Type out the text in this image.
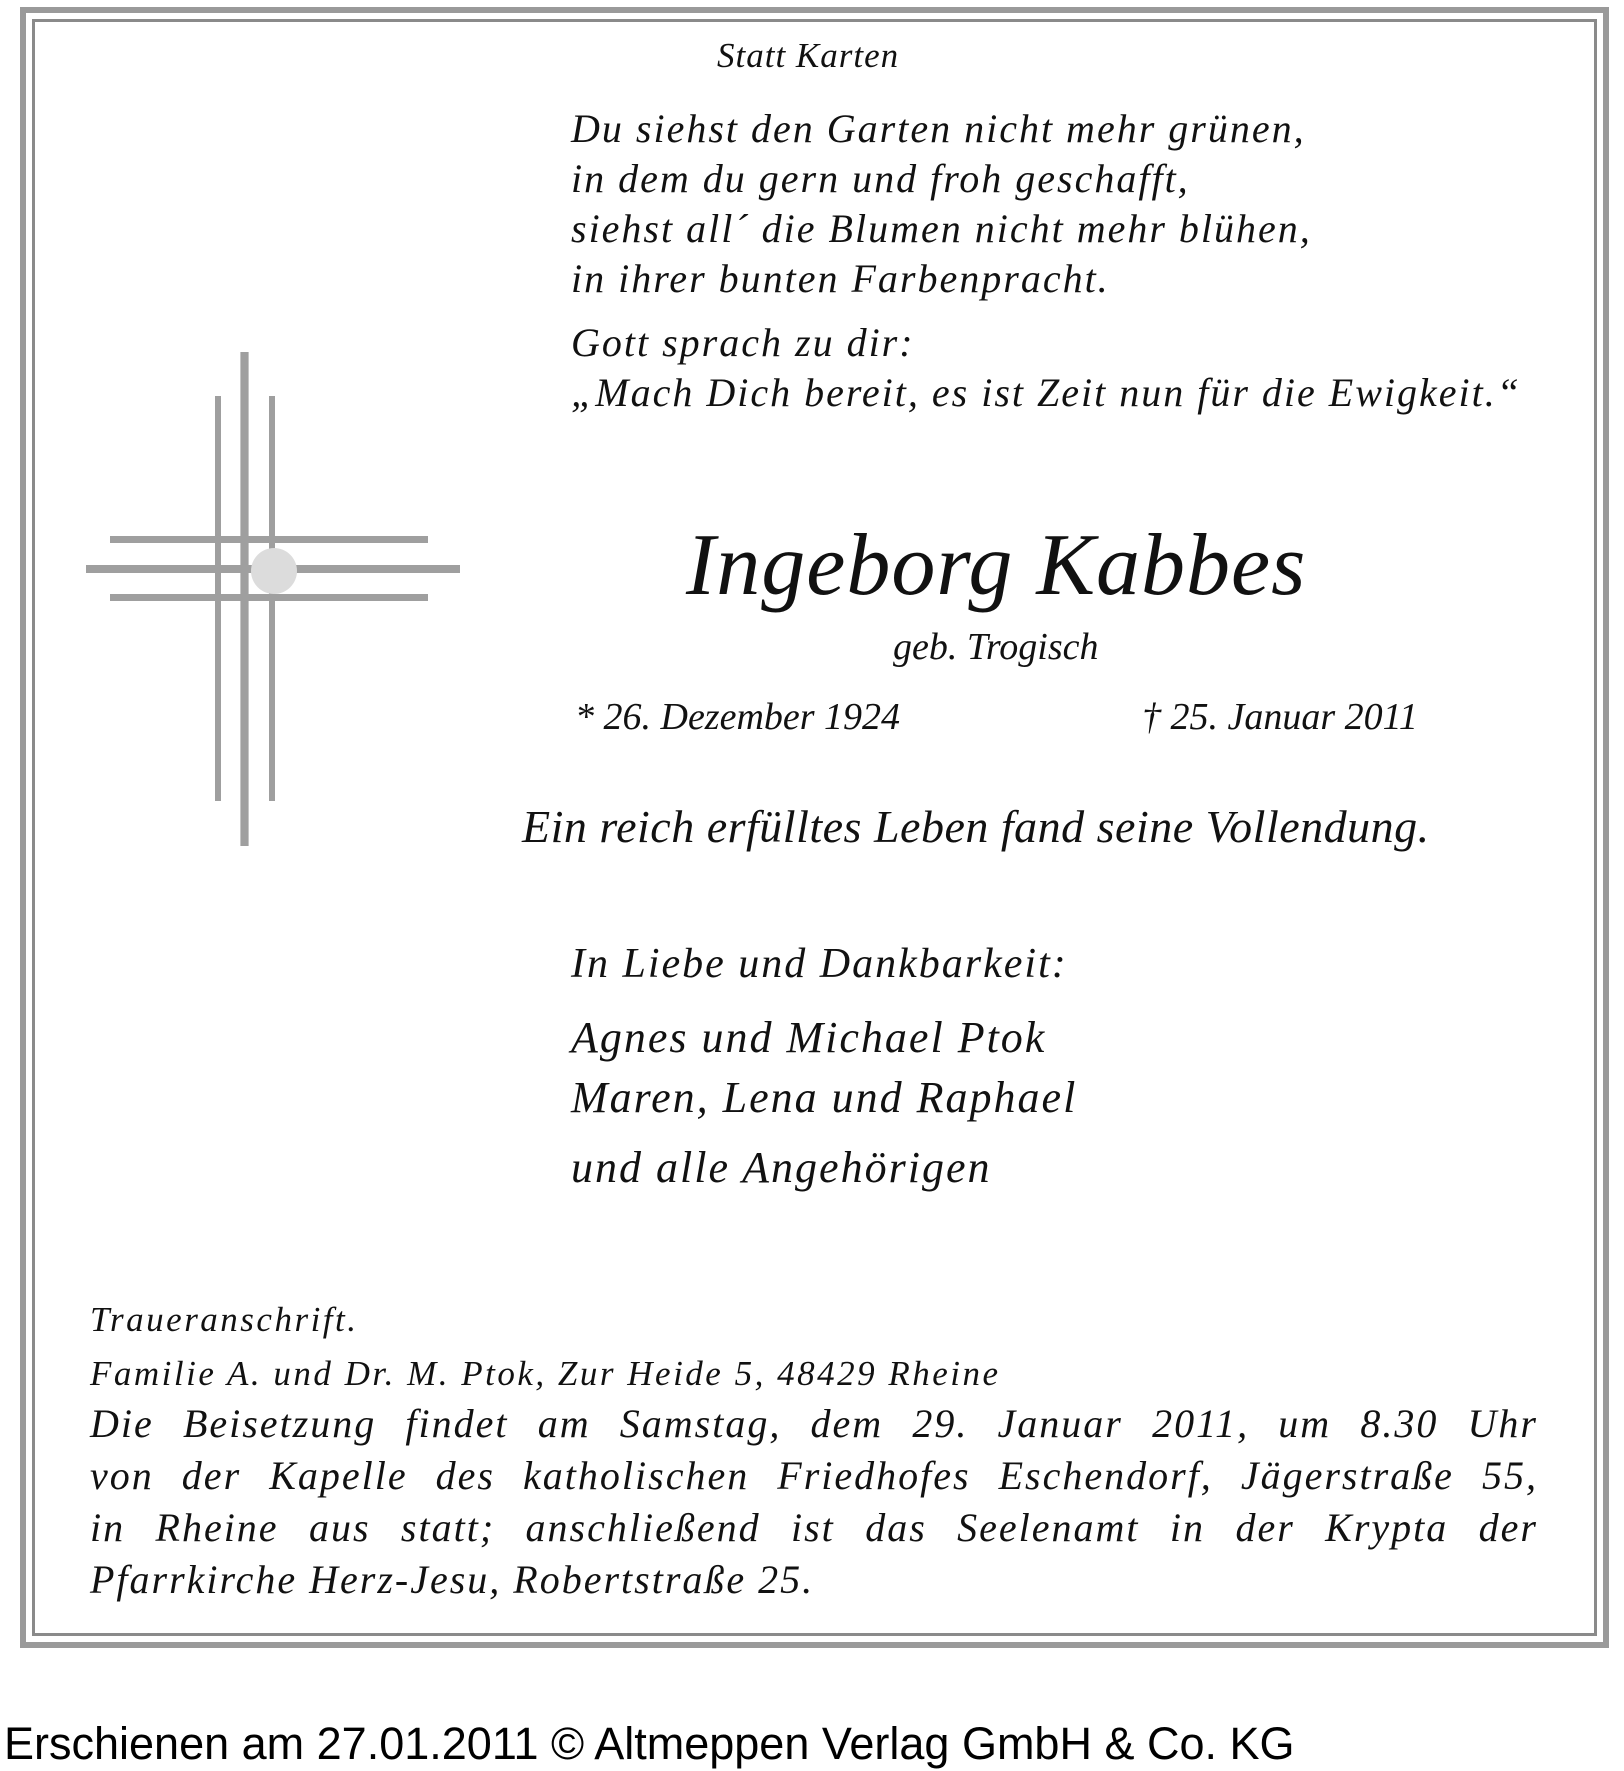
Statt Karten

Du siehst den Garten nicht mehr grünen,
in dem du gern und froh geschafft,
siehst all´ die Blumen nicht mehr blühen,
in ihrer bunten Farbenpracht.
Gott sprach zu dir:
„Mach Dich bereit, es ist Zeit nun für die Ewigkeit.“

Ingeborg Kabbes

geb. Trogisch

* 26. Dezember 1924	† 25. Januar 2011

Ein reich erfülltes Leben fand seine Vollendung.

In Liebe und Dankbarkeit:

Agnes und Michael Ptok
Maren, Lena und Raphael

und alle Angehörigen

Traueranschrift.
Familie A. und Dr. M. Ptok, Zur Heide 5, 48429 Rheine

Die Beisetzung findet am Samstag, dem 29. Januar 2011, um 8.30 Uhr
von der Kapelle des katholischen Friedhofes Eschendorf, Jägerstraße 55,
in Rheine aus statt; anschließend ist das Seelenamt in der Krypta der
Pfarrkirche Herz-Jesu, Robertstraße 25.

Erschienen am 27.01.2011 © Altmeppen Verlag GmbH & Co. KG
